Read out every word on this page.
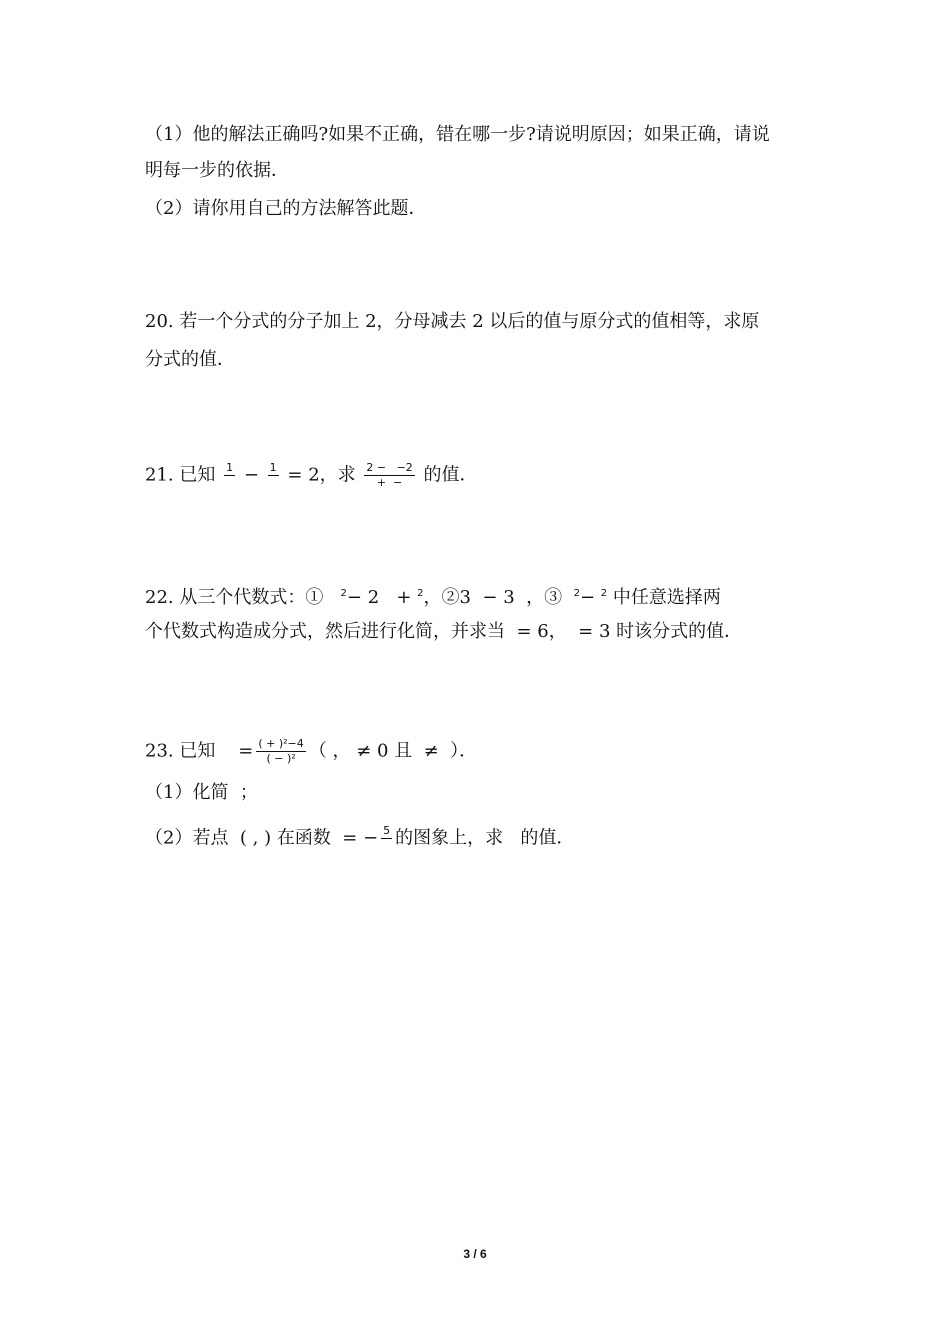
（1）他的解法正确吗?如果不正确，错在哪一步?请说明原因；如果正确，请说
明每一步的依据．
（2）请你用自己的方法解答此题．
20. 若一个分式的分子加上 2，分母减去 2 以后的值与原分式的值相等，求原
分式的值．
21. 已知 1
− 1
= 2，求 $\frac{2 - -2}{+ -}$ 的值．
22. 从三个代数式：① $^2$− 2   + $^2$，②3  − 3  ，③ $^2$− $^2$ 中任意选择两
个代数式构造成分式，然后进行化简，并求当  = 6，  = 3 时该分式的值．
23. 已知 = $\frac{\text{( + )²−4}}{\text{( − )²}}$ （ ， ≠ 0 且  ≠  ）．
（1）化简  ；
（2）若点  ( , ) 在函数  = − 5
的图象上，求   的值．
3 / 6
